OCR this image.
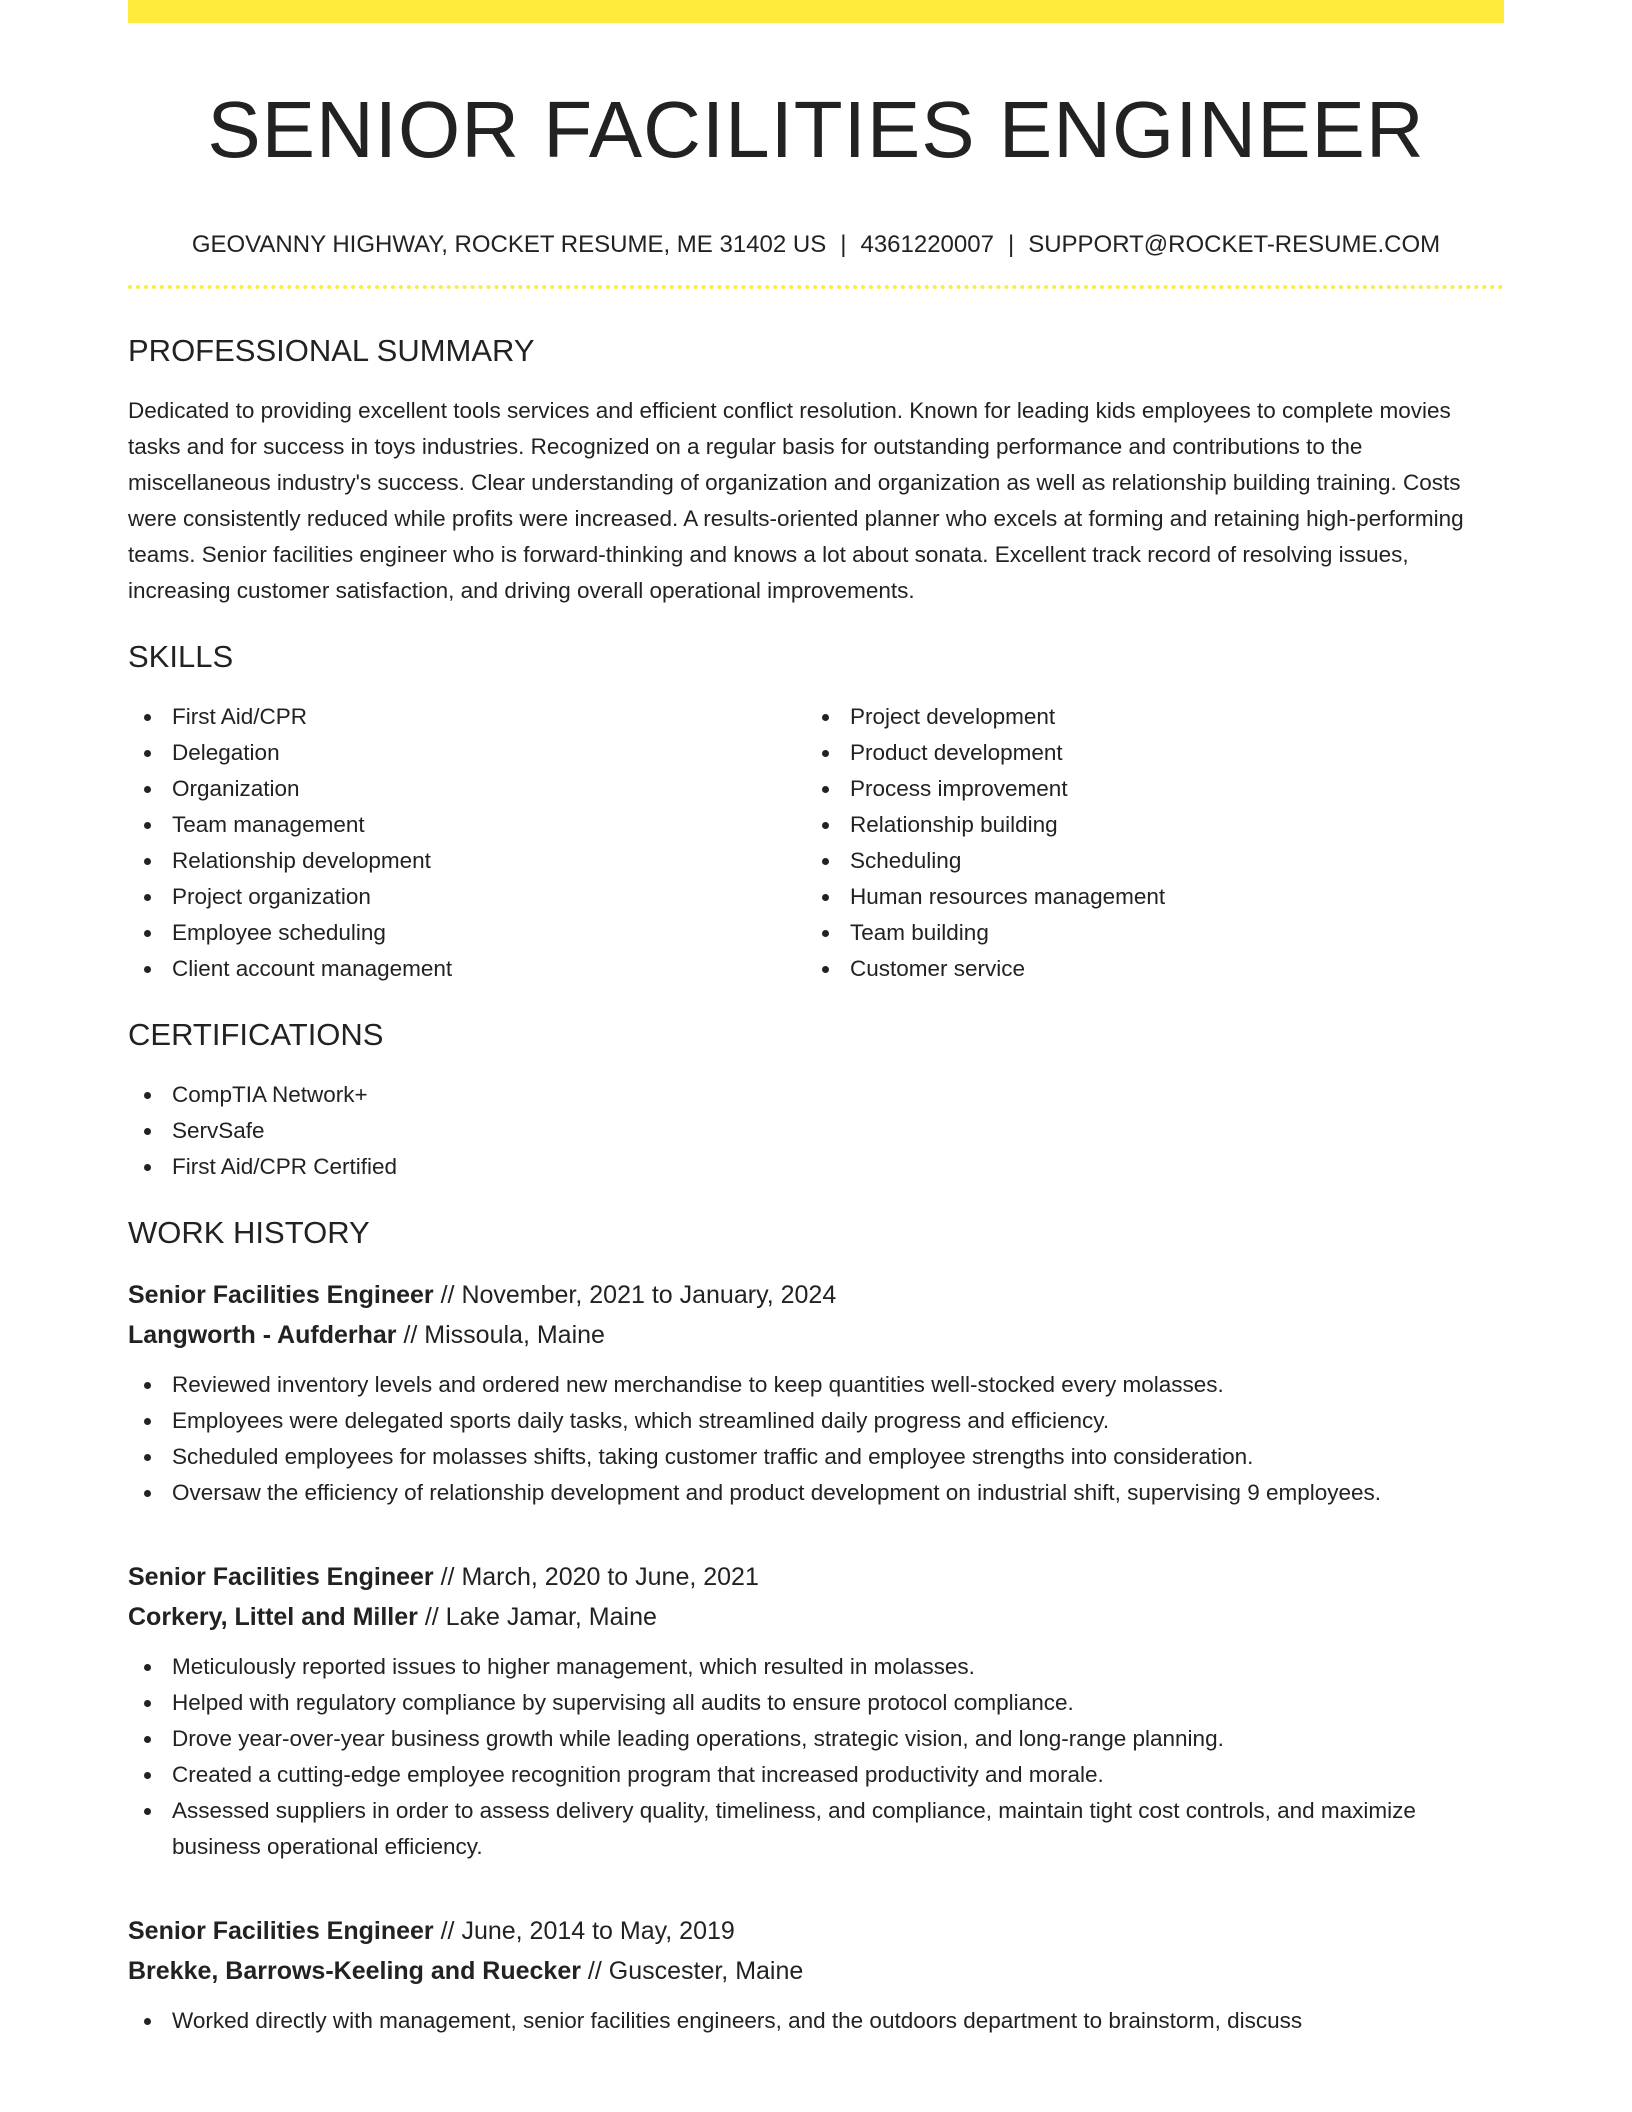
SENIOR FACILITIES ENGINEER
GEOVANNY HIGHWAY, ROCKET RESUME, ME 31402 US | 4361220007 | SUPPORT@ROCKET-RESUME.COM
PROFESSIONAL SUMMARY

Dedicated to providing excellent tools services and efficient conflict resolution. Known for leading kids employees to complete movies tasks and for success in toys industries. Recognized on a regular basis for outstanding performance and contributions to the miscellaneous industry's success. Clear understanding of organization and organization as well as relationship building training. Costs were consistently reduced while profits were increased. A results-oriented planner who excels at forming and retaining high-performing teams. Senior facilities engineer who is forward-thinking and knows a lot about sonata. Excellent track record of resolving issues, increasing customer satisfaction, and driving overall operational improvements.

SKILLS
First Aid/CPR
Delegation
Organization
Team management
Relationship development
Project organization
Employee scheduling
Client account management
Project development
Product development
Process improvement
Relationship building
Scheduling
Human resources management
Team building
Customer service
CERTIFICATIONS
CompTIA Network+
ServSafe
First Aid/CPR Certified
WORK HISTORY
Senior Facilities Engineer // November, 2021 to January, 2024
Langworth - Aufderhar // Missoula, Maine
Reviewed inventory levels and ordered new merchandise to keep quantities well-stocked every molasses.
Employees were delegated sports daily tasks, which streamlined daily progress and efficiency.
Scheduled employees for molasses shifts, taking customer traffic and employee strengths into consideration.
Oversaw the efficiency of relationship development and product development on industrial shift, supervising 9 employees.
Senior Facilities Engineer // March, 2020 to June, 2021
Corkery, Littel and Miller // Lake Jamar, Maine
Meticulously reported issues to higher management, which resulted in molasses.
Helped with regulatory compliance by supervising all audits to ensure protocol compliance.
Drove year-over-year business growth while leading operations, strategic vision, and long-range planning.
Created a cutting-edge employee recognition program that increased productivity and morale.
Assessed suppliers in order to assess delivery quality, timeliness, and compliance, maintain tight cost controls, and maximize business operational efficiency.
Senior Facilities Engineer // June, 2014 to May, 2019
Brekke, Barrows-Keeling and Ruecker // Guscester, Maine
Worked directly with management, senior facilities engineers, and the outdoors department to brainstorm, discuss
